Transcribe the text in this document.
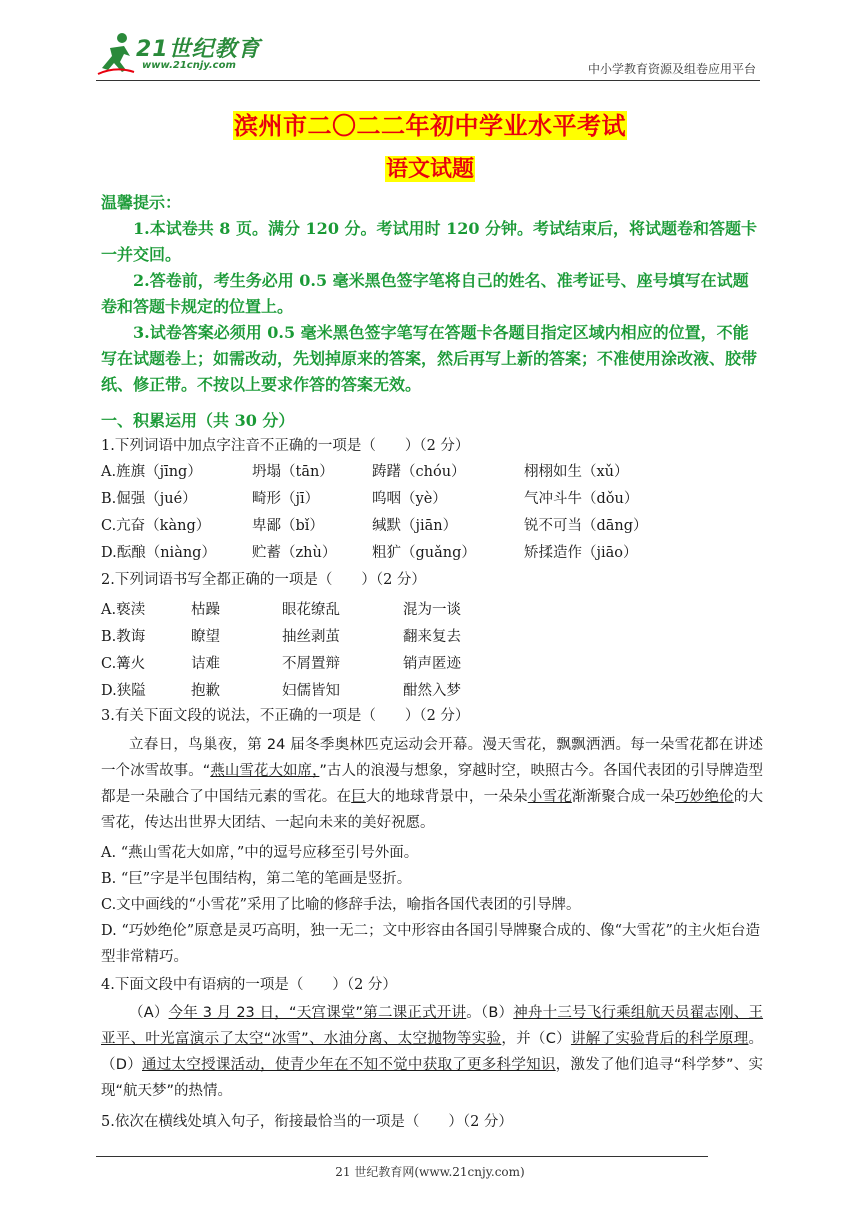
21世纪教育
www.21cnjy.com	中小学教育资源及组卷应用平台
滨州市二〇二二年初中学业水平考试
语文试题
温馨提示：
1.本试卷共 8 页。满分 120 分。考试用时 120 分钟。考试结束后，将试题卷和答题卡一并交回。
2.答卷前，考生务必用 0.5 毫米黑色签字笔将自己的姓名、准考证号、座号填写在试题卷和答题卡规定的位置上。
3.试卷答案必须用 0.5 毫米黑色签字笔写在答题卡各题目指定区域内相应的位置，不能写在试题卷上；如需改动，先划掉原来的答案，然后再写上新的答案；不准使用涂改液、胶带纸、修正带。不按以上要求作答的答案无效。
一、积累运用（共 30 分）
1.下列词语中加点字注音不正确的一项是（　　）（2 分）
A.旌旗（jīng）	坍塌（tān）	踌躇（chóu）	栩栩如生（xǔ）
B.倔强（jué）	畸形（jī）	呜咽（yè）	气冲斗牛（dǒu）
C.亢奋（kàng）	卑鄙（bǐ）	缄默（jiān）	锐不可当（dāng）
D.酝酿（niàng） 贮蓄（zhù） 粗犷（guǎng）	矫揉造作（jiāo）
2.下列词语书写全都正确的一项是（　　）（2 分）
A.亵渎	枯躁	眼花缭乱	混为一谈
B.教诲	瞭望	抽丝剥茧	翻来复去
C.篝火	诘难	不屑置辩	销声匿迹
D.狭隘	抱歉	妇儒皆知	酣然入梦
3.有关下面文段的说法，不正确的一项是（　　）（2 分）
立春日，鸟巢夜，第 24 届冬季奥林匹克运动会开幕。漫天雪花，飘飘洒洒。每一朵雪花都在讲述一个冰雪故事。“燕山雪花大如席，”古人的浪漫与想象，穿越时空，映照古今。各国代表团的引导牌造型都是一朵融合了中国结元素的雪花。在巨大的地球背景中，一朵朵小雪花渐渐聚合成一朵巧妙绝伦的大雪花，传达出世界大团结、一起向未来的美好祝愿。
A. “燕山雪花大如席，”中的逗号应移至引号外面。
B. “巨”字是半包围结构，第二笔的笔画是竖折。
C.文中画线的“小雪花”采用了比喻的修辞手法，喻指各国代表团的引导牌。
D. “巧妙绝伦”原意是灵巧高明，独一无二；文中形容由各国引导牌聚合成的、像“大雪花”的主火炬台造型非常精巧。
4.下面文段中有语病的一项是（　　）（2 分）
（A）今年 3 月 23 日，“天宫课堂”第二课正式开讲。（B）神舟十三号飞行乘组航天员翟志刚、王亚平、叶光富演示了太空“冰雪”、水油分离、太空抛物等实验，并（C）讲解了实验背后的科学原理。（D）通过太空授课活动，使青少年在不知不觉中获取了更多科学知识，激发了他们追寻“科学梦”、实现“航天梦”的热情。
5.依次在横线处填入句子，衔接最恰当的一项是（　　）（2 分）
21 世纪教育网(www.21cnjy.com)
